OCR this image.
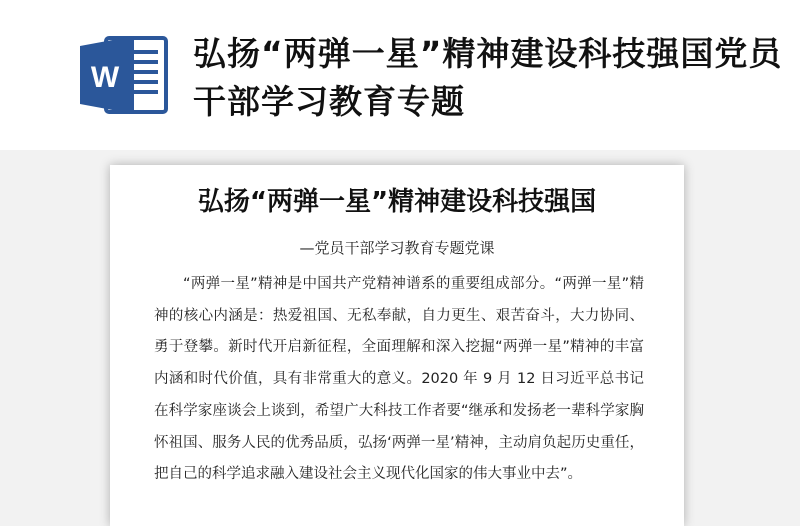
W
弘扬“两弹一星”精神建设科技强国党员干部学习教育专题
弘扬“两弹一星”精神建设科技强国
—党员干部学习教育专题党课

“两弹一星”精神是中国共产党精神谱系的重要组成部分。“两弹一星”精神的核心内涵是：热爱祖国、无私奉献，自力更生、艰苦奋斗，大力协同、勇于登攀。新时代开启新征程，全面理解和深入挖掘“两弹一星”精神的丰富内涵和时代价值，具有非常重大的意义。2020 年 9 月 12 日习近平总书记在科学家座谈会上谈到，希望广大科技工作者要“继承和发扬老一辈科学家胸怀祖国、服务人民的优秀品质，弘扬‘两弹一星’精神，主动肩负起历史重任，把自己的科学追求融入建设社会主义现代化国家的伟大事业中去”。
